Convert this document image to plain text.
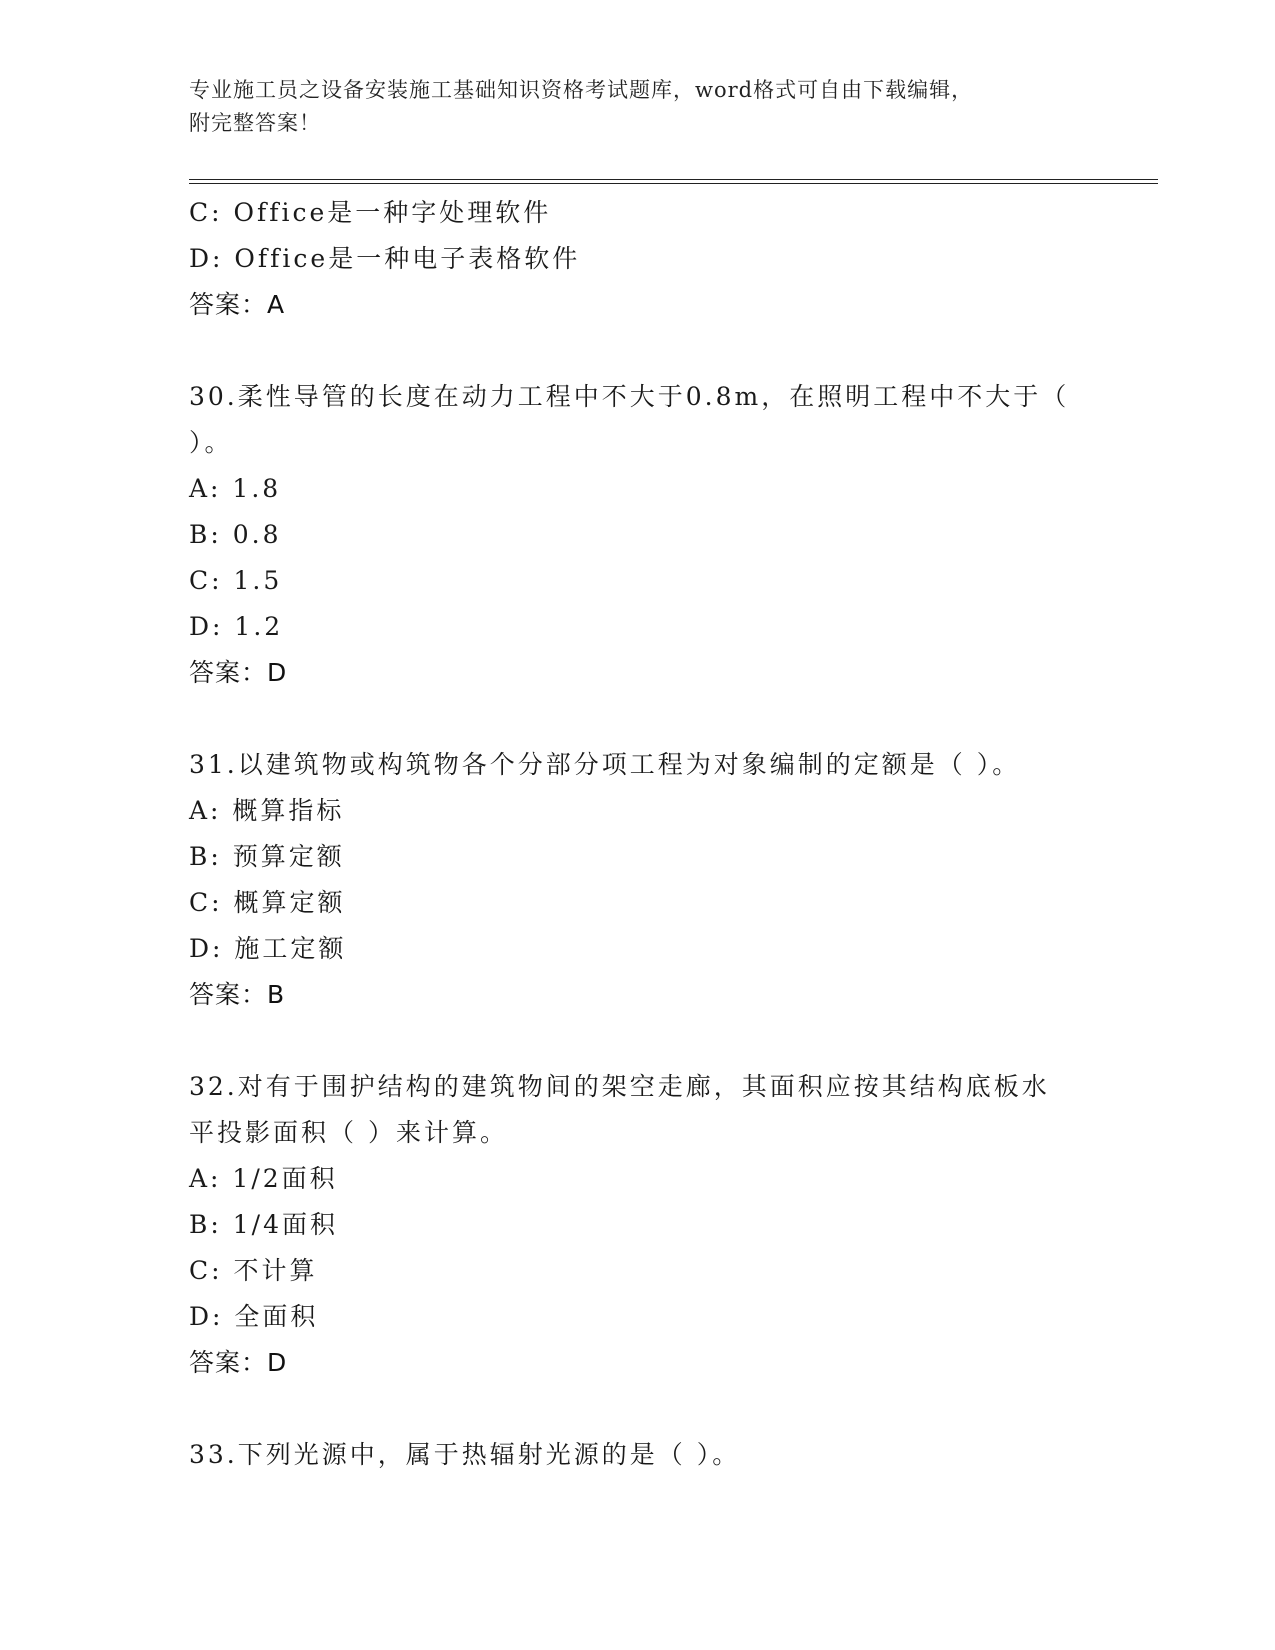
专业施工员之设备安装施工基础知识资格考试题库，word格式可自由下载编辑，
附完整答案！
C: Office是一种字处理软件
D: Office是一种电子表格软件
答案：A
30.柔性导管的长度在动力工程中不大于0.8m，在照明工程中不大于（
）。
A: 1.8
B: 0.8
C: 1.5
D: 1.2
答案：D
31.以建筑物或构筑物各个分部分项工程为对象编制的定额是（ ）。
A: 概算指标
B: 预算定额
C: 概算定额
D: 施工定额
答案：B
32.对有于围护结构的建筑物间的架空走廊，其面积应按其结构底板水
平投影面积（ ）来计算。
A: 1/2面积
B: 1/4面积
C: 不计算
D: 全面积
答案：D
33.下列光源中，属于热辐射光源的是（ ）。
